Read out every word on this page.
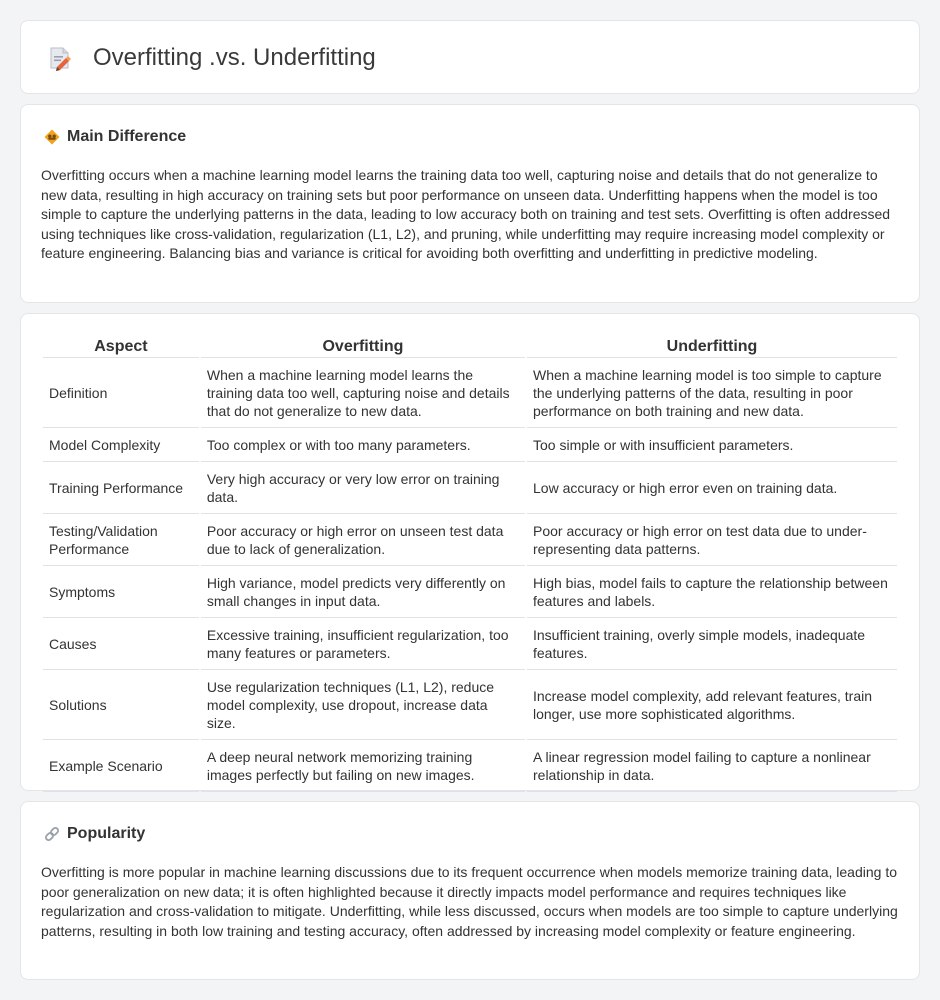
Overfitting .vs. Underfitting
Main Difference

Overfitting occurs when a machine learning model learns the training data too well, capturing noise and details that do not generalize to new data, resulting in high accuracy on training sets but poor performance on unseen data. Underfitting happens when the model is too simple to capture the underlying patterns in the data, leading to low accuracy both on training and test sets. Overfitting is often addressed using techniques like cross-validation, regularization (L1, L2), and pruning, while underfitting may require increasing model complexity or feature engineering. Balancing bias and variance is critical for avoiding both overfitting and underfitting in predictive modeling.

Aspect	Overfitting	Underfitting
Definition	When a machine learning model learns the training data too well, capturing noise and details that do not generalize to new data.	When a machine learning model is too simple to capture the underlying patterns of the data, resulting in poor performance on both training and new data.
Model Complexity	Too complex or with too many parameters.	Too simple or with insufficient parameters.
Training Performance	Very high accuracy or very low error on training data.	Low accuracy or high error even on training data.
Testing/Validation Performance	Poor accuracy or high error on unseen test data due to lack of generalization.	Poor accuracy or high error on test data due to under-representing data patterns.
Symptoms	High variance, model predicts very differently on small changes in input data.	High bias, model fails to capture the relationship between features and labels.
Causes	Excessive training, insufficient regularization, too many features or parameters.	Insufficient training, overly simple models, inadequate features.
Solutions	Use regularization techniques (L1, L2), reduce model complexity, use dropout, increase data size.	Increase model complexity, add relevant features, train longer, use more sophisticated algorithms.
Example Scenario	A deep neural network memorizing training images perfectly but failing on new images.	A linear regression model failing to capture a nonlinear relationship in data.
Popularity

Overfitting is more popular in machine learning discussions due to its frequent occurrence when models memorize training data, leading to poor generalization on new data; it is often highlighted because it directly impacts model performance and requires techniques like regularization and cross-validation to mitigate. Underfitting, while less discussed, occurs when models are too simple to capture underlying patterns, resulting in both low training and testing accuracy, often addressed by increasing model complexity or feature engineering.
